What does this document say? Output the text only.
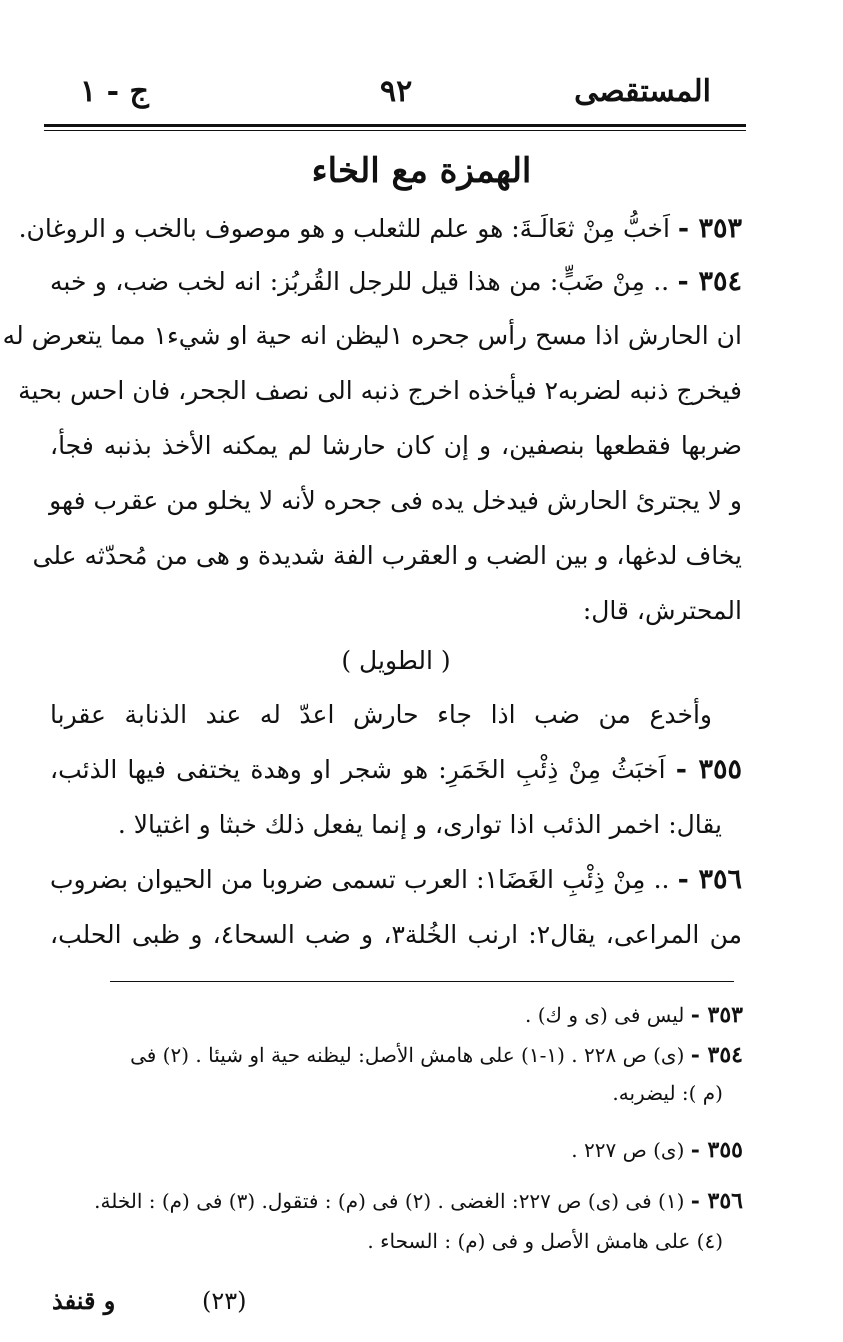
المستقصى
٩٢
ج - ١
الهمزة مع الخاء
٣٥٣ - اَخبُّ مِنْ ثعَالَـةَ: هو علم للثعلب و هو موصوف بالخب و الروغان.
٣٥٤ - .. مِنْ ضَبٍّ: من هذا قيل للرجل القُربُز: انه لخب ضب، و خبه
ان الحارش اذا مسح رأس جحره ١ليظن انه حية او شيء١ مما يتعرض له
فيخرج ذنبه لضربه٢ فيأخذه اخرج ذنبه الى نصف الجحر، فان احس بحية
ضربها فقطعها بنصفين، و إن كان حارشا لم يمكنه الأخذ بذنبه فجأ،
و لا يجترئ الحارش فيدخل يده فى جحره لأنه لا يخلو من عقرب فهو
يخاف لدغها، و بين الضب و العقرب الفة شديدة و هى من مُحدّثه على
المحترش، قال:
( الطويل )
وأخدع من ضب اذا جاء حارش اعدّ له عند الذنابة عقربا
٣٥٥ - اَخبَثُ مِنْ ذِئْبِ الخَمَرِ: هو شجر او وهدة يختفى فيها الذئب،
يقال: اخمر الذئب اذا توارى، و إنما يفعل ذلك خبثا و اغتيالا .
٣٥٦ - .. مِنْ ذِئْبِ الغَضَا١: العرب تسمى ضروبا من الحيوان بضروب
من المراعى، يقال٢: ارنب الخُلة٣، و ضب السحا٤، و ظبى الحلب،
٣٥٣ - ليس فى (ى و ك) .
٣٥٤ - (ى) ص ٢٢٨ . (١-١) على هامش الأصل: ليظنه حية او شيئا . (٢) فى
(م ): ليضربه.
٣٥٥ - (ى) ص ٢٢٧ .
٣٥٦ - (١) فى (ى) ص ٢٢٧: الغضى . (٢) فى (م) : فتقول. (٣) فى (م) : الخلة.
(٤) على هامش الأصل و فى (م) : السحاء .
(٢٣)
و قنفذ
